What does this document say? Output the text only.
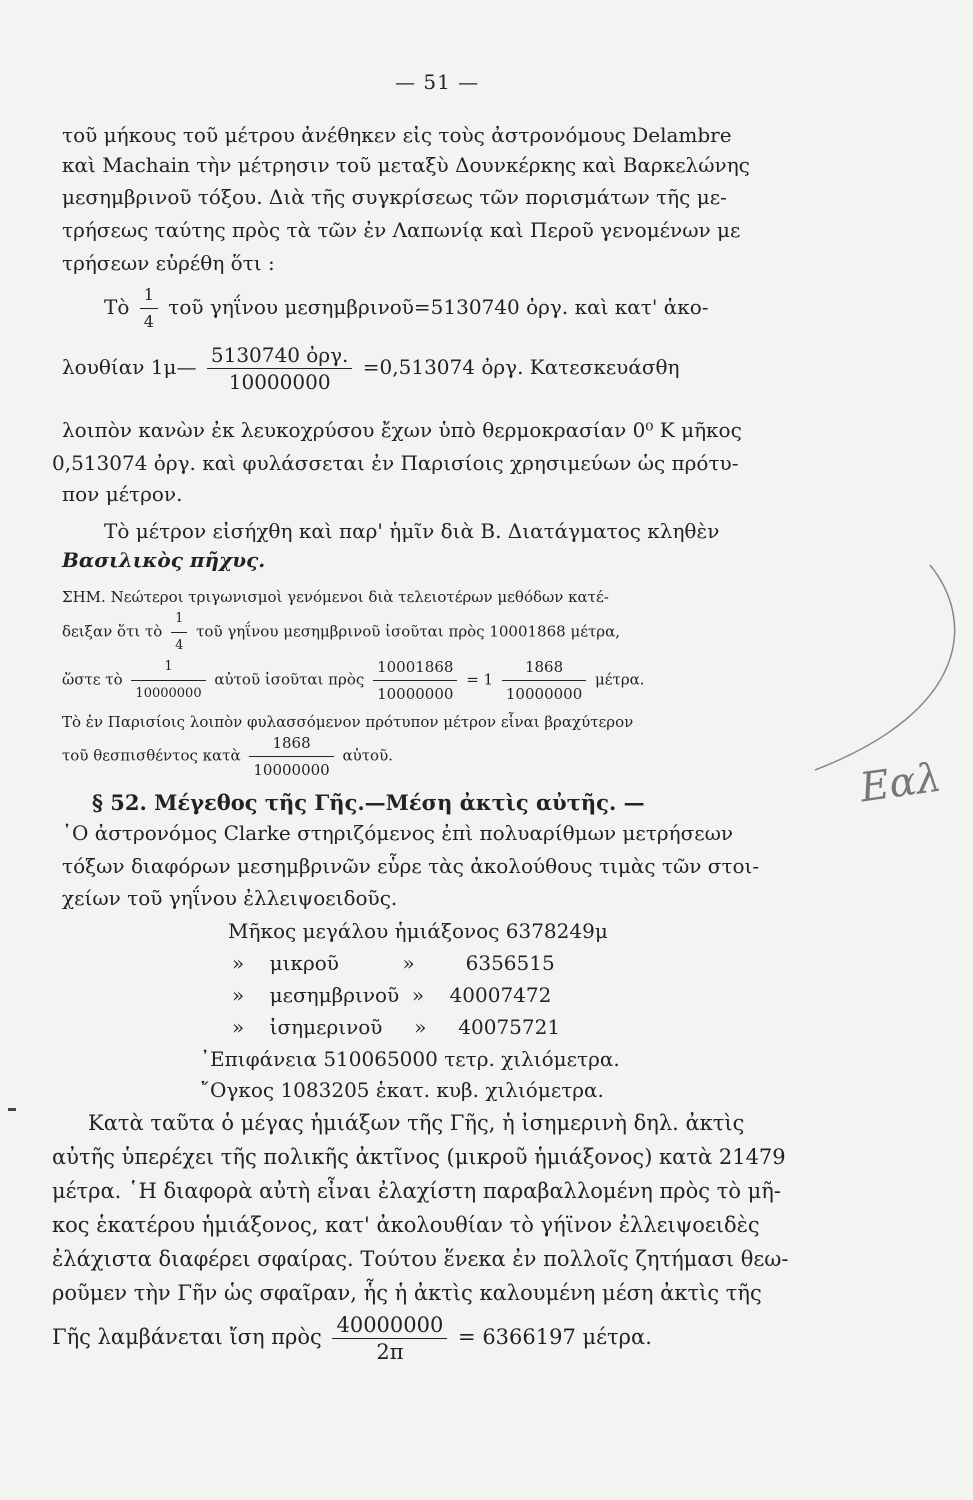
— 51 —
τοῦ μήκους τοῦ μέτρου ἀνέθηκεν εἰς τοὺς ἀστρονόμους Delambre
καὶ Machain τὴν μέτρησιν τοῦ μεταξὺ Δουνκέρκης καὶ Βαρκελώνης
μεσημβρινοῦ τόξου. Διὰ τῆς συγκρίσεως τῶν πορισμάτων τῆς με-
τρήσεως ταύτης πρὸς τὰ τῶν ἐν Λαπωνίᾳ καὶ Περοῦ γενομένων με
τρήσεων εὑρέθη ὅτι :
Τὸ $\frac{1}{4}$ τοῦ γηΐνου μεσημβρινοῦ=5130740 ὀργ. καὶ κατ' ἀκο-
λουθίαν 1μ— $\frac{\text{5130740 ὀργ.}}{10000000} =0,513074$ ὀργ. Κατεσκευάσθη
λοιπὸν κανὼν ἐκ λευκοχρύσου ἔχων ὑπὸ θερμοκρασίαν 0⁰ Κ μῆκος
0,513074 ὀργ. καὶ φυλάσσεται ἐν Παρισίοις χρησιμεύων ὡς πρότυ-
πον μέτρον.
Τὸ μέτρον εἰσήχθη καὶ παρ' ἡμῖν διὰ Β. Διατάγματος κληθὲν
Βασιλικὸς πῆχυς.
ΣΗΜ. Νεώτεροι τριγωνισμοὶ γενόμενοι διὰ τελειοτέρων μεθόδων κατέ-
δειξαν ὅτι τὸ $\frac{1}{4}$ τοῦ γηΐνου μεσημβρινοῦ ἰσοῦται πρὸς 10001868 μέτρα,
ὥστε τὸ $\frac{1}{10000000}$ αὐτοῦ ἰσοῦται πρὸς $\frac{10001868}{10000000} = 1 \frac{1868}{10000000} \mu έ\tau\rho\alpha$.
Τὸ ἐν Παρισίοις λοιπὸν φυλασσόμενον πρότυπον μέτρον εἶναι βραχύτερον
τοῦ θεσπισθέντος κατὰ $\frac{1868}{10000000}$ αὐτοῦ.
§ 52. Μέγεθος τῆς Γῆς.—Μέση ἀκτὶς αὐτῆς. —
῾Ο ἀστρονόμος Clarke στηριζόμενος ἐπὶ πολυαρίθμων μετρήσεων
τόξων διαφόρων μεσημβρινῶν εὗρε τὰς ἀκολούθους τιμὰς τῶν στοι-
χείων τοῦ γηΐνου ἐλλειψοειδοῦς.
Μῆκος μεγάλου ἡμιάξονος 6378249μ
»    μικροῦ          »        6356515
»    μεσημβρινοῦ  »    40007472
»    ἰσημερινοῦ     »     40075721
᾿Επιφάνεια 510065000 τετρ. χιλιόμετρα.
῎Ογκος 1083205 ἑκατ. κυβ. χιλιόμετρα.
Κατὰ ταῦτα ὁ μέγας ἡμιάξων τῆς Γῆς, ἡ ἰσημερινὴ δηλ. ἀκτὶς
αὐτῆς ὑπερέχει τῆς πολικῆς ἀκτῖνος (μικροῦ ἡμιάξονος) κατὰ 21479
μέτρα. ῾Η διαφορὰ αὐτὴ εἶναι ἐλαχίστη παραβαλλομένη πρὸς τὸ μῆ-
κος ἑκατέρου ἡμιάξονος, κατ' ἀκολουθίαν τὸ γήϊνον ἐλλειψοειδὲς
ἐλάχιστα διαφέρει σφαίρας. Τούτου ἕνεκα ἐν πολλοῖς ζητήμασι θεω-
ροῦμεν τὴν Γῆν ὡς σφαῖραν, ἧς ἡ ἀκτὶς καλουμένη μέση ἀκτὶς τῆς
Γῆς λαμβάνεται ἴση πρὸς $\frac{40000000}{2\pi} = 6366197$ μέτρα.
Εαλ
